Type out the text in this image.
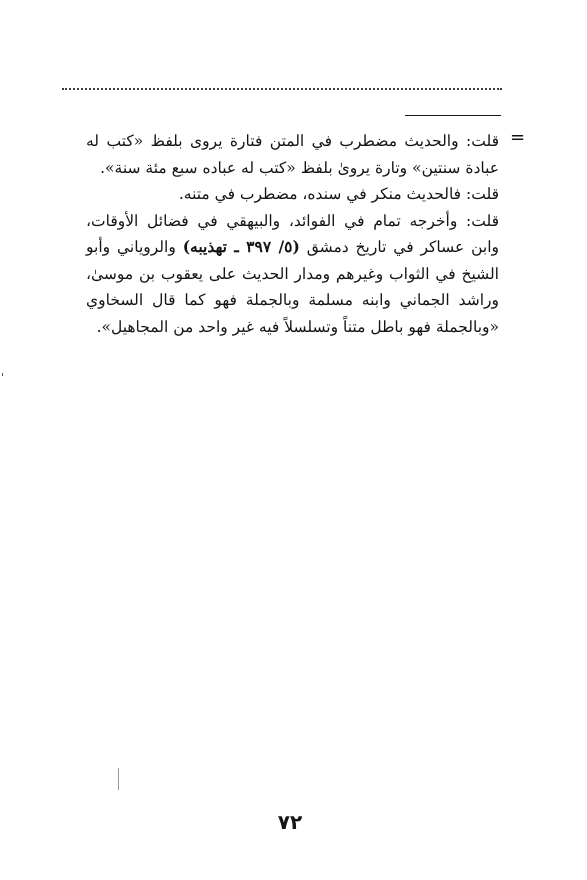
=

قلت: والحديث مضطرب في المتن فتارة يروى بلفظ «كتب له عبادة سنتين» وتارة يروىٰ بلفظ «كتب له عباده سبع مئة سنة».

قلت: فالحديث منكر في سنده، مضطرب في متنه.

قلت: وأخرجه تمام في الفوائد، والبيهقي في فضائل الأوقات، وابن عساكر في تاريخ دمشق (٥/ ٣٩٧ ـ تهذيبه) والروياني وأبو الشيخ في الثواب وغيرهم ومدار الحديث على يعقوب بن موسىٰ، وراشد الجماني وابنه مسلمة وبالجملة فهو كما قال السخاوي «وبالجملة فهو باطل متناً وتسلسلاً فيه غير واحد من المجاهيل».

٧٢
